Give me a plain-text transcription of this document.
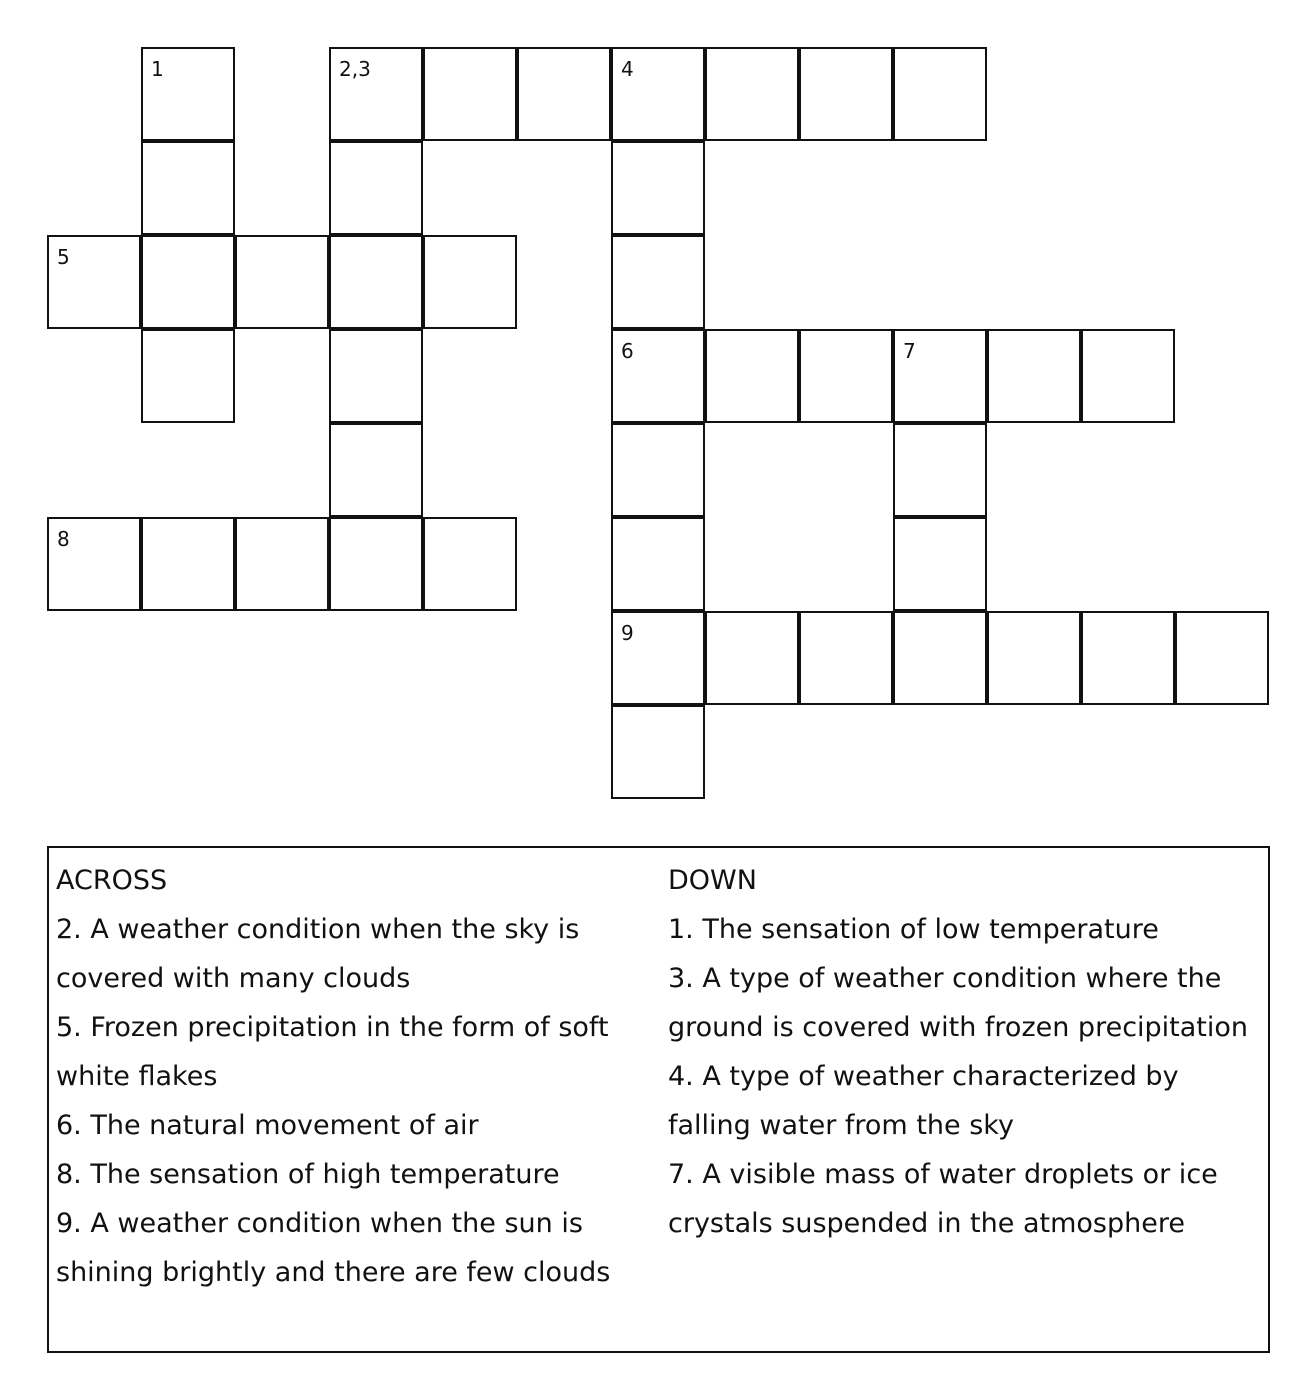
1	2,3	4
5
6	7
8
9
ACROSS
2. A weather condition when the sky is covered with many clouds
5. Frozen precipitation in the form of soft white flakes
6. The natural movement of air
8. The sensation of high temperature
9. A weather condition when the sun is shining brightly and there are few clouds
DOWN
1. The sensation of low temperature
3. A type of weather condition where the ground is covered with frozen precipitation
4. A type of weather characterized by falling water from the sky
7. A visible mass of water droplets or ice crystals suspended in the atmosphere
